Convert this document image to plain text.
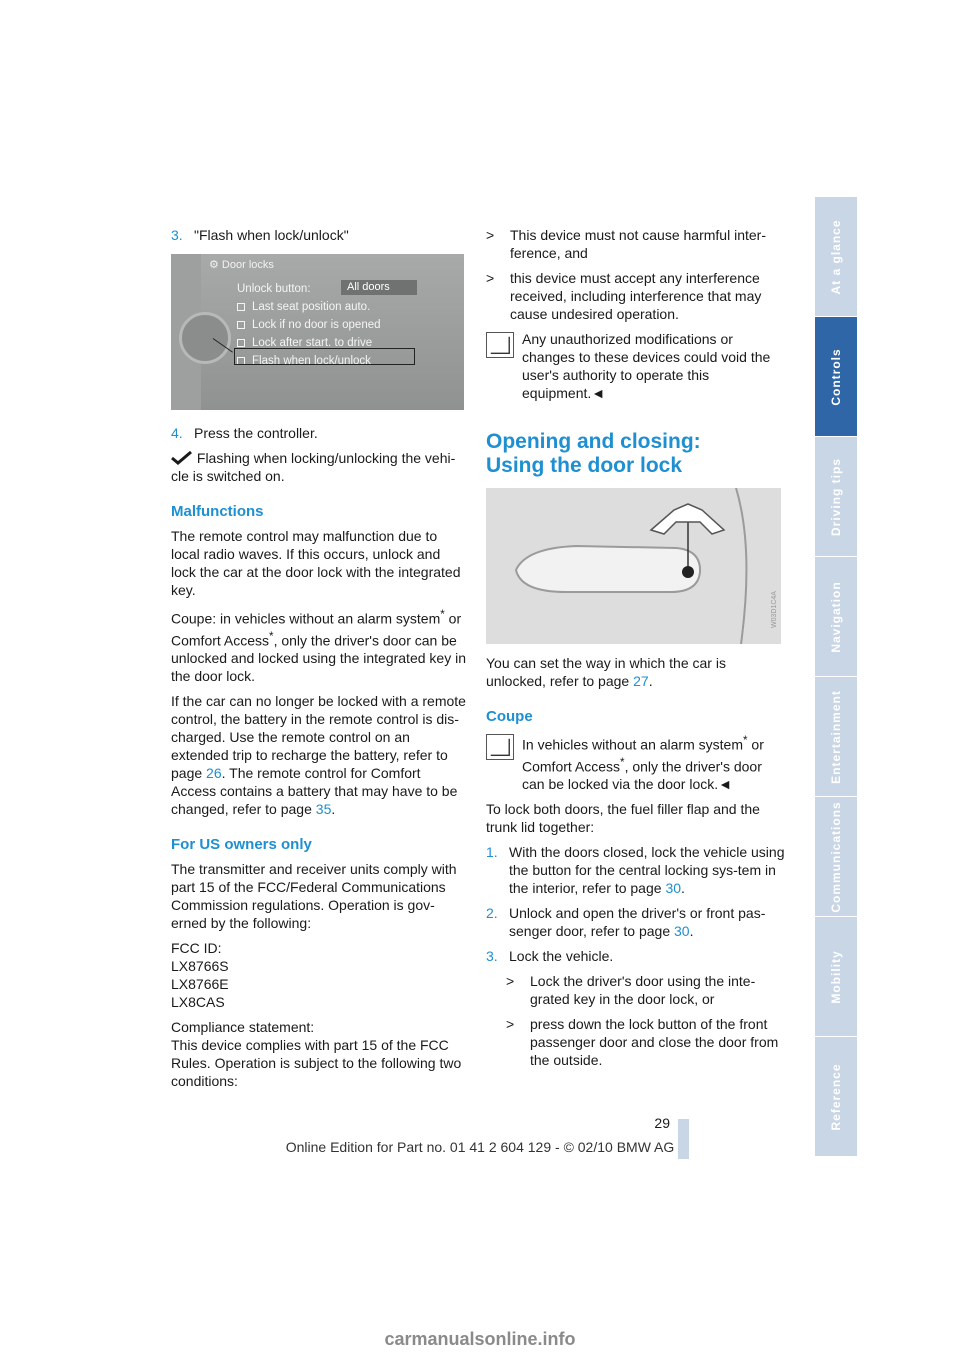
3. "Flash when lock/unlock"
⚙ Door locks
Unlock button:	All doors
Last seat position auto.
Lock if no door is opened
Lock after start. to drive
Flash when lock/unlock
4. Press the controller.

Flashing when locking/unlocking the vehi-cle is switched on.

Malfunctions

The remote control may malfunction due to local radio waves. If this occurs, unlock and lock the car at the door lock with the integrated key.

Coupe: in vehicles without an alarm system* or Comfort Access*, only the driver's door can be unlocked and locked using the integrated key in the door lock.

If the car can no longer be locked with a remote control, the battery in the remote control is dis-charged. Use the remote control on an extended trip to recharge the battery, refer to page 26. The remote control for Comfort Access contains a battery that may have to be changed, refer to page 35.

For US owners only

The transmitter and receiver units comply with part 15 of the FCC/Federal Communications Commission regulations. Operation is gov-erned by the following:

FCC ID:
LX8766S
LX8766E
LX8CAS

Compliance statement:
This device complies with part 15 of the FCC Rules. Operation is subject to the following two conditions:

> This device must not cause harmful inter-ference, and
> this device must accept any interference received, including interference that may cause undesired operation.
Any unauthorized modifications or changes to these devices could void the user's authority to operate this equipment.◄
Opening and closing:
Using the door lock
W03D1C4A

You can set the way in which the car is unlocked, refer to page 27.

Coupe
In vehicles without an alarm system* or Comfort Access*, only the driver's door can be locked via the door lock.◄

To lock both doors, the fuel filler flap and the trunk lid together:

1. With the doors closed, lock the vehicle using the button for the central locking sys-tem in the interior, refer to page 30.
2. Unlock and open the driver's or front pas-senger door, refer to page 30.
3. Lock the vehicle.
> Lock the driver's door using the inte-grated key in the door lock, or
> press down the lock button of the front passenger door and close the door from the outside.
At a glance
Controls
Driving tips
Navigation
Entertainment
Communications
Mobility
Reference
29
Online Edition for Part no. 01 41 2 604 129 - © 02/10 BMW AG
carmanualsonline.info
